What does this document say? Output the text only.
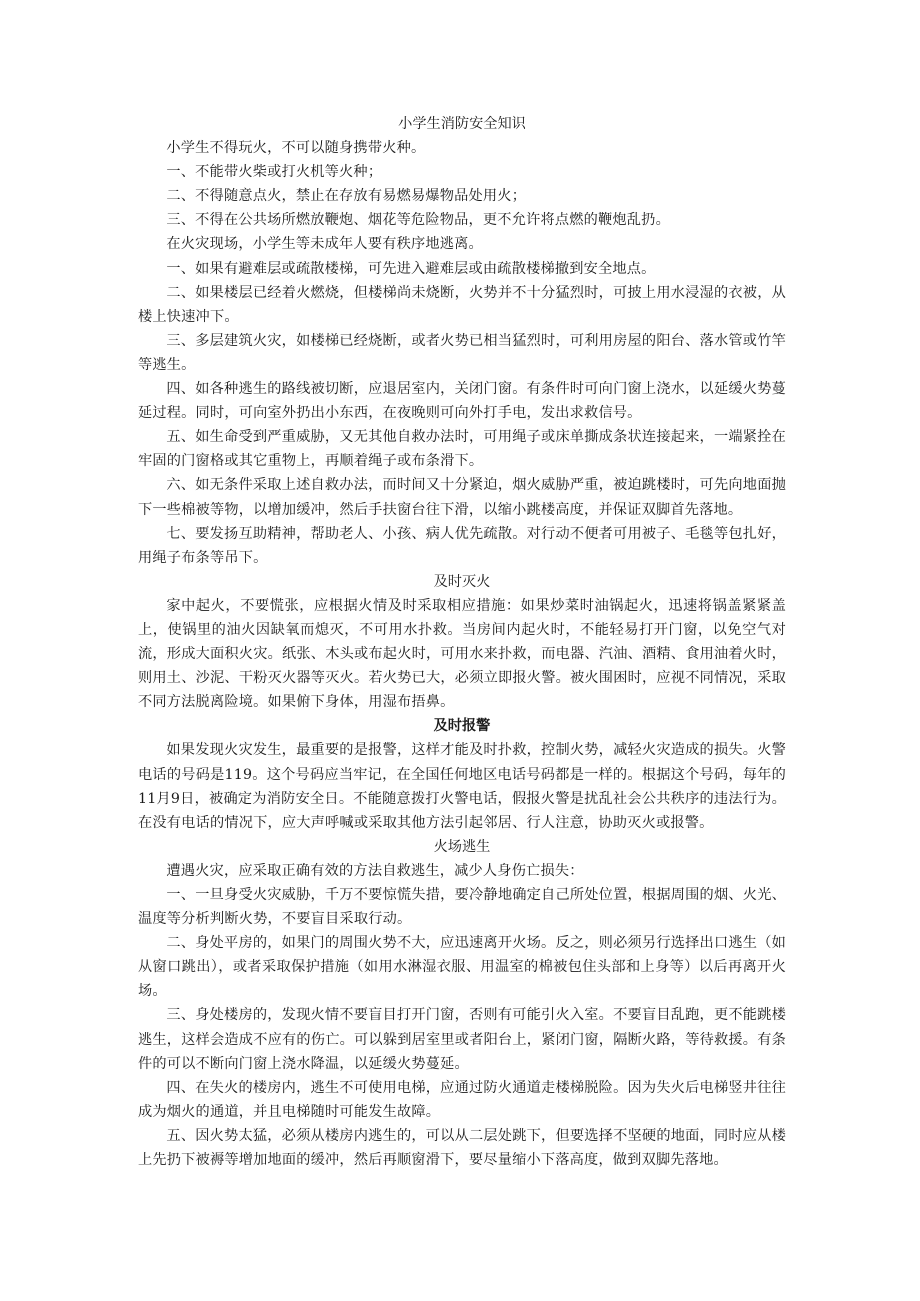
小学生消防安全知识

小学生不得玩火，不可以随身携带火种。

一、不能带火柴或打火机等火种；

二、不得随意点火，禁止在存放有易燃易爆物品处用火；

三、不得在公共场所燃放鞭炮、烟花等危险物品，更不允许将点燃的鞭炮乱扔。

在火灾现场，小学生等未成年人要有秩序地逃离。

一、如果有避难层或疏散楼梯，可先进入避难层或由疏散楼梯撤到安全地点。

二、如果楼层已经着火燃烧，但楼梯尚未烧断，火势并不十分猛烈时，可披上用水浸湿的衣被，从楼上快速冲下。

三、多层建筑火灾，如楼梯已经烧断，或者火势已相当猛烈时，可利用房屋的阳台、落水管或竹竿等逃生。

四、如各种逃生的路线被切断，应退居室内，关闭门窗。有条件时可向门窗上浇水，以延缓火势蔓延过程。同时，可向室外扔出小东西，在夜晚则可向外打手电，发出求救信号。

五、如生命受到严重威胁，又无其他自救办法时，可用绳子或床单撕成条状连接起来，一端紧拴在牢固的门窗格或其它重物上，再顺着绳子或布条滑下。

六、如无条件采取上述自救办法，而时间又十分紧迫，烟火威胁严重，被迫跳楼时，可先向地面抛下一些棉被等物，以增加缓冲，然后手扶窗台往下滑，以缩小跳楼高度，并保证双脚首先落地。

七、要发扬互助精神，帮助老人、小孩、病人优先疏散。对行动不便者可用被子、毛毯等包扎好，用绳子布条等吊下。

及时灭火

家中起火，不要慌张，应根据火情及时采取相应措施：如果炒菜时油锅起火，迅速将锅盖紧紧盖上，使锅里的油火因缺氧而熄灭，不可用水扑救。当房间内起火时，不能轻易打开门窗，以免空气对流，形成大面积火灾。纸张、木头或布起火时，可用水来扑救，而电器、汽油、酒精、食用油着火时，则用土、沙泥、干粉灭火器等灭火。若火势已大，必须立即报火警。被火围困时，应视不同情况，采取不同方法脱离险境。如果俯下身体，用湿布捂鼻。

及时报警

如果发现火灾发生，最重要的是报警，这样才能及时扑救，控制火势，减轻火灾造成的损失。火警电话的号码是119。这个号码应当牢记，在全国任何地区电话号码都是一样的。根据这个号码，每年的11月9日，被确定为消防安全日。不能随意拨打火警电话，假报火警是扰乱社会公共秩序的违法行为。在没有电话的情况下，应大声呼喊或采取其他方法引起邻居、行人注意，协助灭火或报警。

火场逃生

遭遇火灾，应采取正确有效的方法自救逃生，减少人身伤亡损失：

一、一旦身受火灾威胁，千万不要惊慌失措，要冷静地确定自己所处位置，根据周围的烟、火光、温度等分析判断火势，不要盲目采取行动。

二、身处平房的，如果门的周围火势不大，应迅速离开火场。反之，则必须另行选择出口逃生（如从窗口跳出），或者采取保护措施（如用水淋湿衣服、用温室的棉被包住头部和上身等）以后再离开火场。

三、身处楼房的，发现火情不要盲目打开门窗，否则有可能引火入室。不要盲目乱跑，更不能跳楼逃生，这样会造成不应有的伤亡。可以躲到居室里或者阳台上，紧闭门窗，隔断火路，等待救援。有条件的可以不断向门窗上浇水降温，以延缓火势蔓延。

四、在失火的楼房内，逃生不可使用电梯，应通过防火通道走楼梯脱险。因为失火后电梯竖井往往成为烟火的通道，并且电梯随时可能发生故障。

五、因火势太猛，必须从楼房内逃生的，可以从二层处跳下，但要选择不坚硬的地面，同时应从楼上先扔下被褥等增加地面的缓冲，然后再顺窗滑下，要尽量缩小下落高度，做到双脚先落地。
